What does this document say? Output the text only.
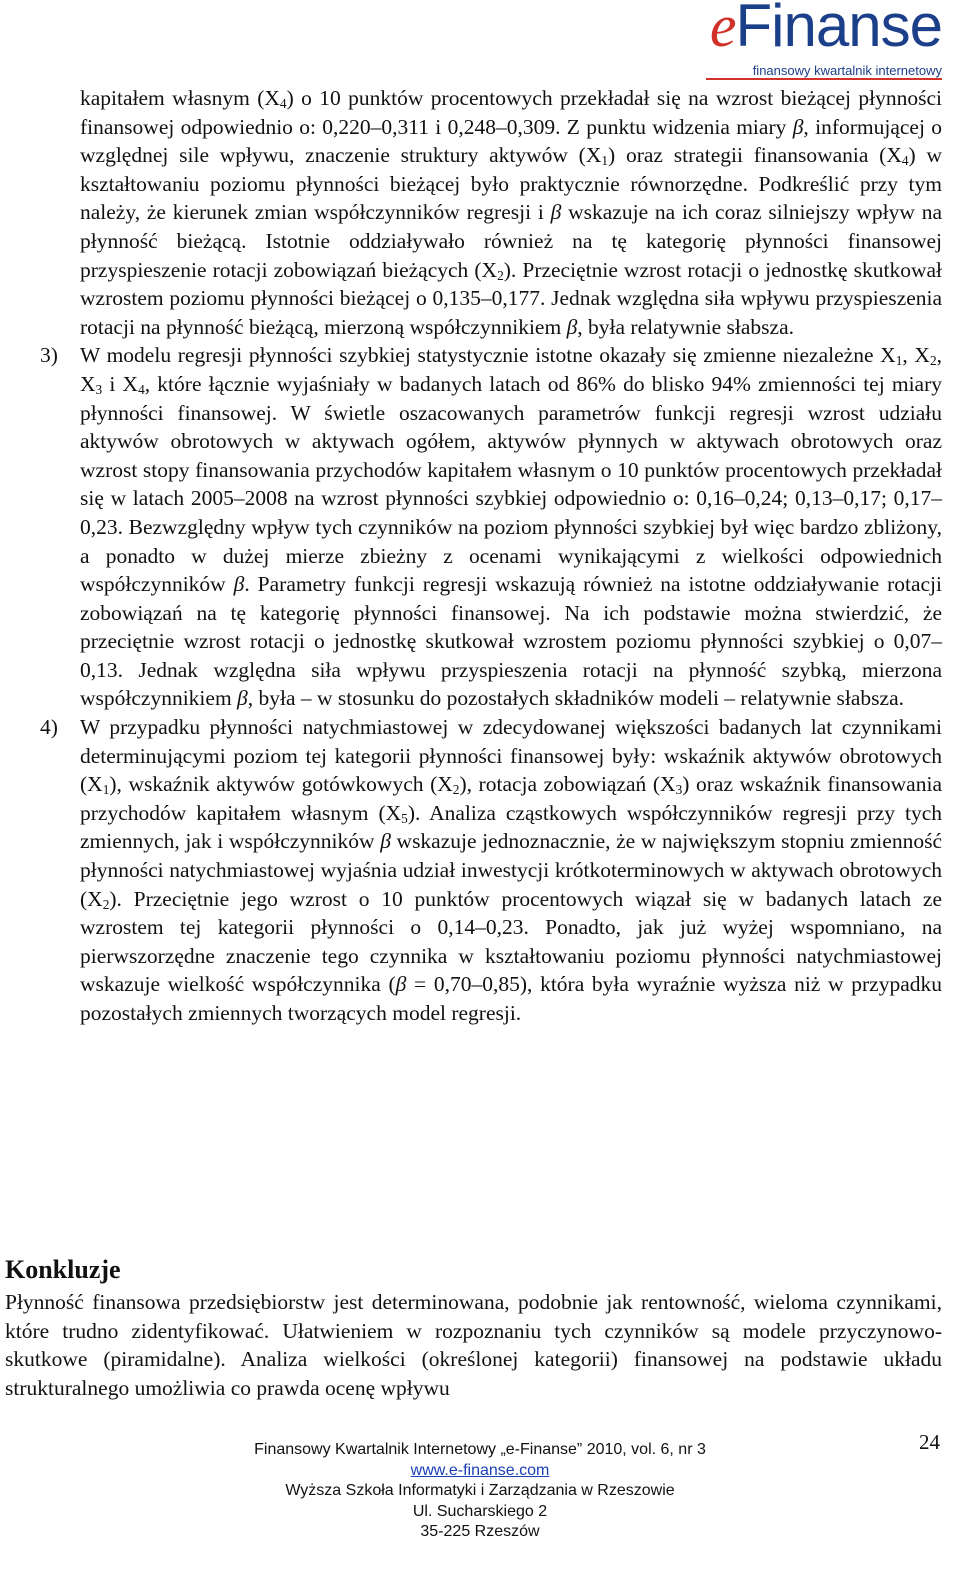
eFinanse
finansowy kwartalnik internetowy

kapitałem własnym $(X_4)$ o 10 punktów procentowych przekładał się na wzrost bieżącej płynności finansowej odpowiednio o: 0,220–0,311 i 0,248–0,309. Z punktu widzenia miary β, informującej o względnej sile wpływu, znaczenie struktury aktywów $(X_1)$ oraz strategii finansowania $(X_4)$ w kształtowaniu poziomu płynności bieżącej było praktycznie równorzędne. Podkreślić przy tym należy, że kierunek zmian współczynników regresji i β wskazuje na ich coraz silniejszy wpływ na płynność bieżącą. Istotnie oddziaływało również na tę kategorię płynności finansowej przyspieszenie rotacji zobowiązań bieżących $(X_2)$. Przeciętnie wzrost rotacji o jednostkę skutkował wzrostem poziomu płynności bieżącej o 0,135–0,177. Jednak względna siła wpływu przyspieszenia rotacji na płynność bieżącą, mierzoną współczynnikiem β, była relatywnie słabsza.

3) W modelu regresji płynności szybkiej statystycznie istotne okazały się zmienne niezależne $X_1$, $X_2$, $X_3$ i $X_4$, które łącznie wyjaśniały w badanych latach od 86% do blisko 94% zmienności tej miary płynności finansowej. W świetle oszacowanych parametrów funkcji regresji wzrost udziału aktywów obrotowych w aktywach ogółem, aktywów płynnych w aktywach obrotowych oraz wzrost stopy finansowania przychodów kapitałem własnym o 10 punktów procentowych przekładał się w latach 2005–2008 na wzrost płynności szybkiej odpowiednio o: 0,16–0,24; 0,13–0,17; 0,17–0,23. Bezwzględny wpływ tych czynników na poziom płynności szybkiej był więc bardzo zbliżony, a ponadto w dużej mierze zbieżny z ocenami wynikającymi z wielkości odpowiednich współczynników β. Parametry funkcji regresji wskazują również na istotne oddziaływanie rotacji zobowiązań na tę kategorię płynności finansowej. Na ich podstawie można stwierdzić, że przeciętnie wzrost rotacji o jednostkę skutkował wzrostem poziomu płynności szybkiej o 0,07–0,13. Jednak względna siła wpływu przyspieszenia rotacji na płynność szybką, mierzona współczynnikiem β, była – w stosunku do pozostałych składników modeli – relatywnie słabsza.

4) W przypadku płynności natychmiastowej w zdecydowanej większości badanych lat czynnikami determinującymi poziom tej kategorii płynności finansowej były: wskaźnik aktywów obrotowych $(X_1)$, wskaźnik aktywów gotówkowych $(X_2)$, rotacja zobowiązań $(X_3)$ oraz wskaźnik finansowania przychodów kapitałem własnym $(X_5)$. Analiza cząstkowych współczynników regresji przy tych zmiennych, jak i współczynników β wskazuje jednoznacznie, że w największym stopniu zmienność płynności natychmiastowej wyjaśnia udział inwestycji krótkoterminowych w aktywach obrotowych $(X_2)$. Przeciętnie jego wzrost o 10 punktów procentowych wiązał się w badanych latach ze wzrostem tej kategorii płynności o 0,14–0,23. Ponadto, jak już wyżej wspomniano, na pierwszorzędne znaczenie tego czynnika w kształtowaniu poziomu płynności natychmiastowej wskazuje wielkość współczynnika (β = 0,70–0,85), która była wyraźnie wyższa niż w przypadku pozostałych zmiennych tworzących model regresji.

Konkluzje

Płynność finansowa przedsiębiorstw jest determinowana, podobnie jak rentowność, wieloma czynnikami, które trudno zidentyfikować. Ułatwieniem w rozpoznaniu tych czynników są modele przyczynowo-skutkowe (piramidalne). Analiza wielkości (określonej kategorii) finansowej na podstawie układu strukturalnego umożliwia co prawda ocenę wpływu

24
Finansowy Kwartalnik Internetowy „e-Finanse” 2010, vol. 6, nr 3
www.e-finanse.com
Wyższa Szkoła Informatyki i Zarządzania w Rzeszowie
Ul. Sucharskiego 2
35-225 Rzeszów
